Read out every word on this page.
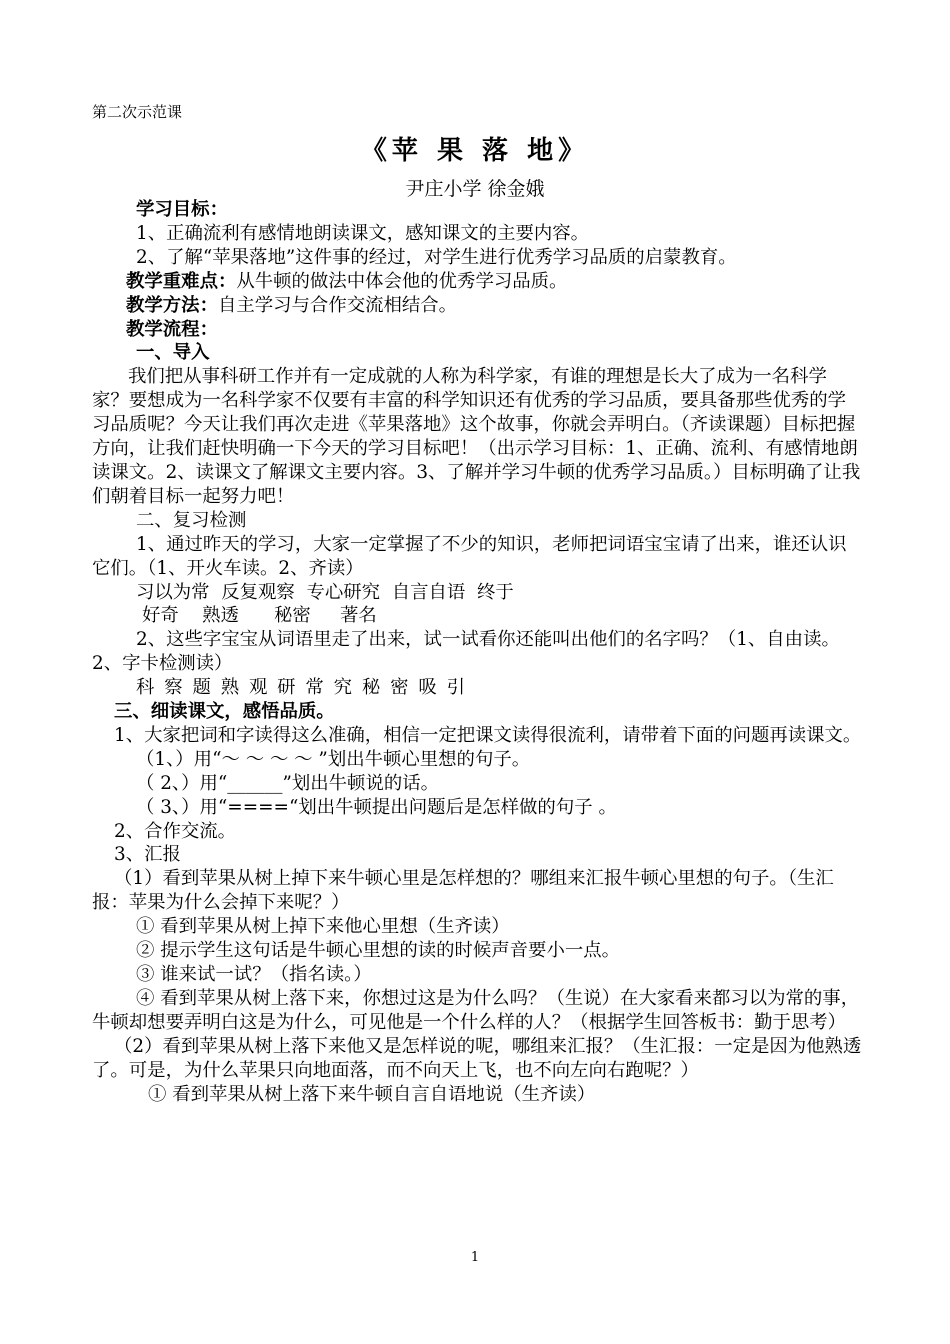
第二次示范课
《苹 果 落 地》
尹庄小学 徐金娥

学习目标：

1、正确流利有感情地朗读课文，感知课文的主要内容。

2、了解“苹果落地”这件事的经过，对学生进行优秀学习品质的启蒙教育。

教学重难点：从牛顿的做法中体会他的优秀学习品质。

教学方法：自主学习与合作交流相结合。

教学流程：

一、导入

我们把从事科研工作并有一定成就的人称为科学家，有谁的理想是长大了成为一名科学家？要想成为一名科学家不仅要有丰富的科学知识还有优秀的学习品质，要具备那些优秀的学习品质呢？今天让我们再次走进《苹果落地》这个故事，你就会弄明白。（齐读课题）目标把握方向，让我们赶快明确一下今天的学习目标吧！（出示学习目标：1、正确、流利、有感情地朗读课文。2、读课文了解课文主要内容。3、了解并学习牛顿的优秀学习品质。）目标明确了让我们朝着目标一起努力吧！

二、复习检测

1、通过昨天的学习，大家一定掌握了不少的知识，老师把词语宝宝请了出来，谁还认识它们。（1、开火车读。2、齐读）

习以为常  反复观察  专心研究  自言自语  终于

好奇    熟透      秘密     著名

2、这些字宝宝从词语里走了出来，试一试看你还能叫出他们的名字吗？（1、自由读。2、字卡检测读）

科 察 题 熟 观 研 常 究 秘 密 吸 引

三、细读课文，感悟品质。

1、大家把词和字读得这么准确，相信一定把课文读得很流利，请带着下面的问题再读课文。

（1、）用“～ ～ ～ ～ ”划出牛顿心里想的句子。

（ 2、）用“______”划出牛顿说的话。

（ 3、）用“====“划出牛顿提出问题后是怎样做的句子 。

2、合作交流。

3、汇报

（1）看到苹果从树上掉下来牛顿心里是怎样想的？哪组来汇报牛顿心里想的句子。（生汇报：苹果为什么会掉下来呢？）

① 看到苹果从树上掉下来他心里想（生齐读）

② 提示学生这句话是牛顿心里想的读的时候声音要小一点。

③ 谁来试一试？（指名读。）

④ 看到苹果从树上落下来，你想过这是为什么吗？（生说）在大家看来都习以为常的事，牛顿却想要弄明白这是为什么，可见他是一个什么样的人？（根据学生回答板书：勤于思考）

（2）看到苹果从树上落下来他又是怎样说的呢，哪组来汇报？（生汇报：一定是因为他熟透了。可是，为什么苹果只向地面落，而不向天上飞，也不向左向右跑呢？）

① 看到苹果从树上落下来牛顿自言自语地说（生齐读）

1
